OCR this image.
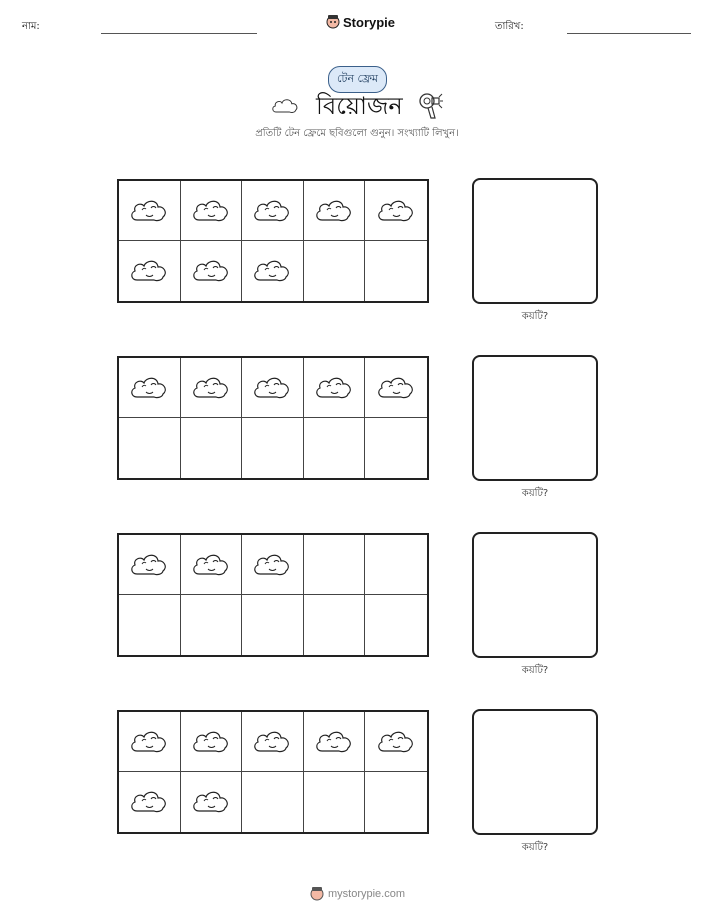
নাম:	Storypie	তারিখ:
টেন ফ্রেম
বিয়োজন
প্রতিটি টেন ফ্রেমে ছবিগুলো গুনুন। সংখ্যাটি লিখুন।
কয়টি?
কয়টি?
কয়টি?
কয়টি?
mystorypie.com
